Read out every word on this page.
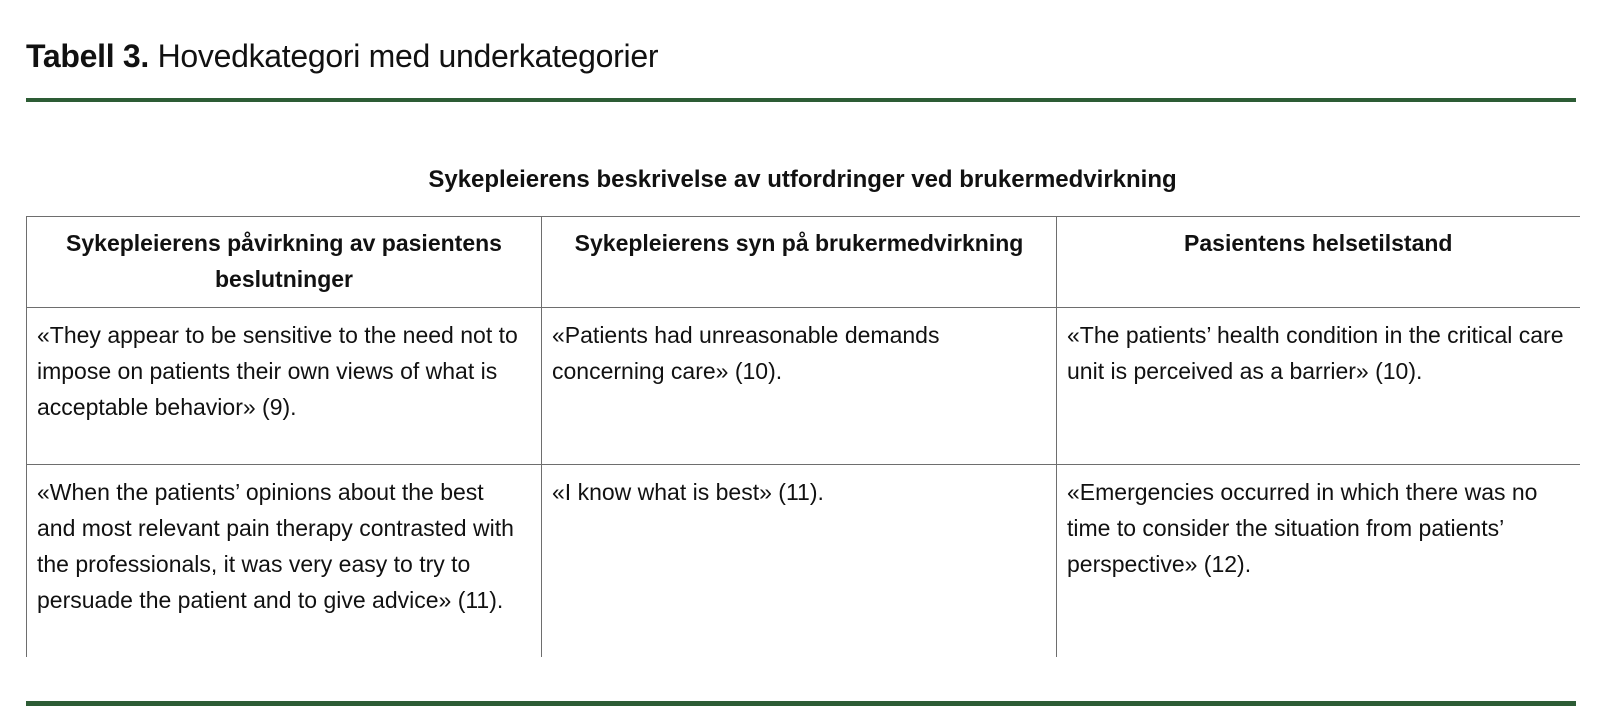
Tabell 3. Hovedkategori med underkategorier
Sykepleierens beskrivelse av utfordringer ved brukermedvirkning
Sykepleierens påvirkning av pasientens beslutninger	Sykepleierens syn på brukermedvirkning	Pasientens helsetilstand
«They appear to be sensitive to the need not to impose on patients their own views of what is acceptable behavior» (9).	«Patients had unreasonable demands concerning care» (10).	«The patients’ health condition in the critical care unit is perceived as a barrier» (10).
«When the patients’ opinions about the best and most relevant pain therapy contrasted with the professionals, it was very easy to try to persuade the patient and to give advice» (11).	«I know what is best» (11).	«Emergencies occurred in which there was no time to consider the situation from patients’ perspective» (12).
